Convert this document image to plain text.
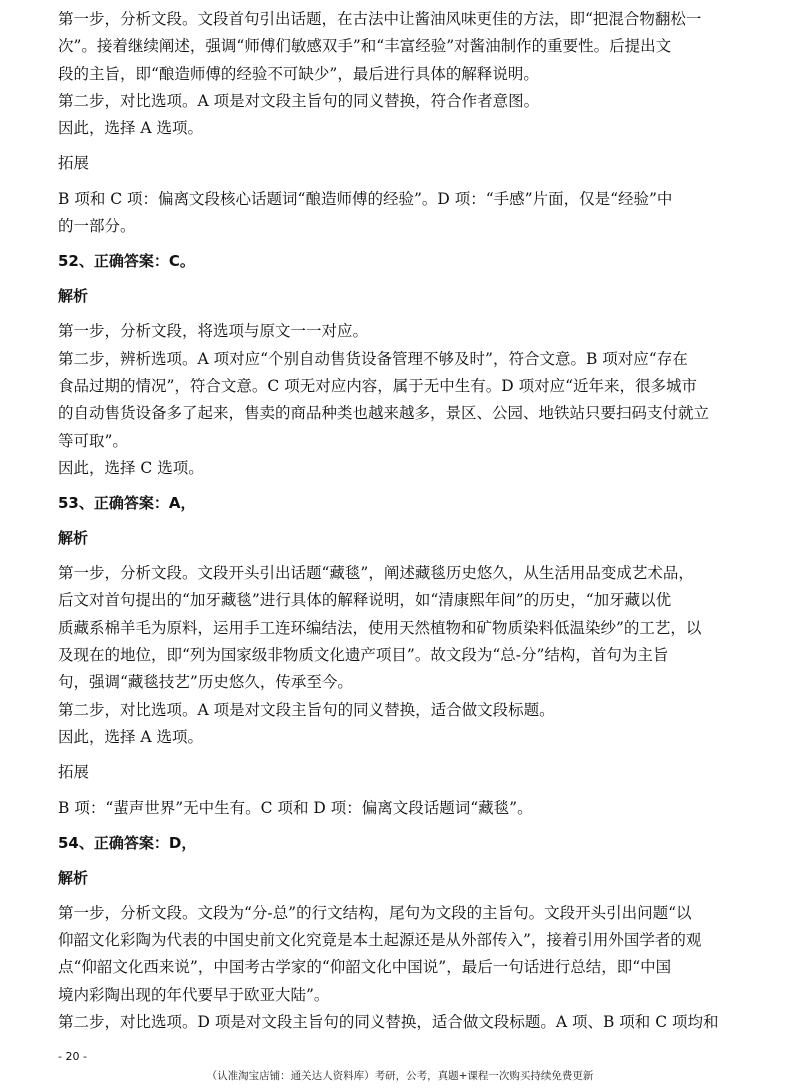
第一步，分析文段。文段首句引出话题，在古法中让酱油风味更佳的方法，即“把混合物翻松一
次”。接着继续阐述，强调“师傅们敏感双手”和“丰富经验”对酱油制作的重要性。后提出文
段的主旨，即“酿造师傅的经验不可缺少”，最后进行具体的解释说明。
第二步，对比选项。A 项是对文段主旨句的同义替换，符合作者意图。
因此，选择 A 选项。
拓展
B 项和 C 项：偏离文段核心话题词“酿造师傅的经验”。D 项：“手感”片面，仅是“经验”中
的一部分。
52、正确答案：C。
解析
第一步，分析文段，将选项与原文一一对应。
第二步，辨析选项。A 项对应“个别自动售货设备管理不够及时”，符合文意。B 项对应“存在
食品过期的情况”，符合文意。C 项无对应内容，属于无中生有。D 项对应“近年来，很多城市
的自动售货设备多了起来，售卖的商品种类也越来越多，景区、公园、地铁站只要扫码支付就立
等可取”。
因此，选择 C 选项。
53、正确答案：A，
解析
第一步，分析文段。文段开头引出话题“藏毯”，阐述藏毯历史悠久，从生活用品变成艺术品，
后文对首句提出的“加牙藏毯”进行具体的解释说明，如“清康熙年间”的历史，“加牙藏以优
质藏系棉羊毛为原料，运用手工连环编结法，使用天然植物和矿物质染料低温染纱”的工艺，以
及现在的地位，即“列为国家级非物质文化遗产项目”。故文段为“总-分”结构，首句为主旨
句，强调“藏毯技艺”历史悠久，传承至今。
第二步，对比选项。A 项是对文段主旨句的同义替换，适合做文段标题。
因此，选择 A 选项。
拓展
B 项：“蜚声世界”无中生有。C 项和 D 项：偏离文段话题词“藏毯”。
54、正确答案：D，
解析
第一步，分析文段。文段为“分-总”的行文结构，尾句为文段的主旨句。文段开头引出问题“以
仰韶文化彩陶为代表的中国史前文化究竟是本土起源还是从外部传入”，接着引用外国学者的观
点“仰韶文化西来说”，中国考古学家的“仰韶文化中国说”，最后一句话进行总结，即“中国
境内彩陶出现的年代要早于欧亚大陆”。
第二步，对比选项。D 项是对文段主旨句的同义替换，适合做文段标题。A 项、B 项和 C 项均和
- 20 -
（认准淘宝店铺：通关达人资料库）考研，公考，真题+课程一次购买持续免费更新
